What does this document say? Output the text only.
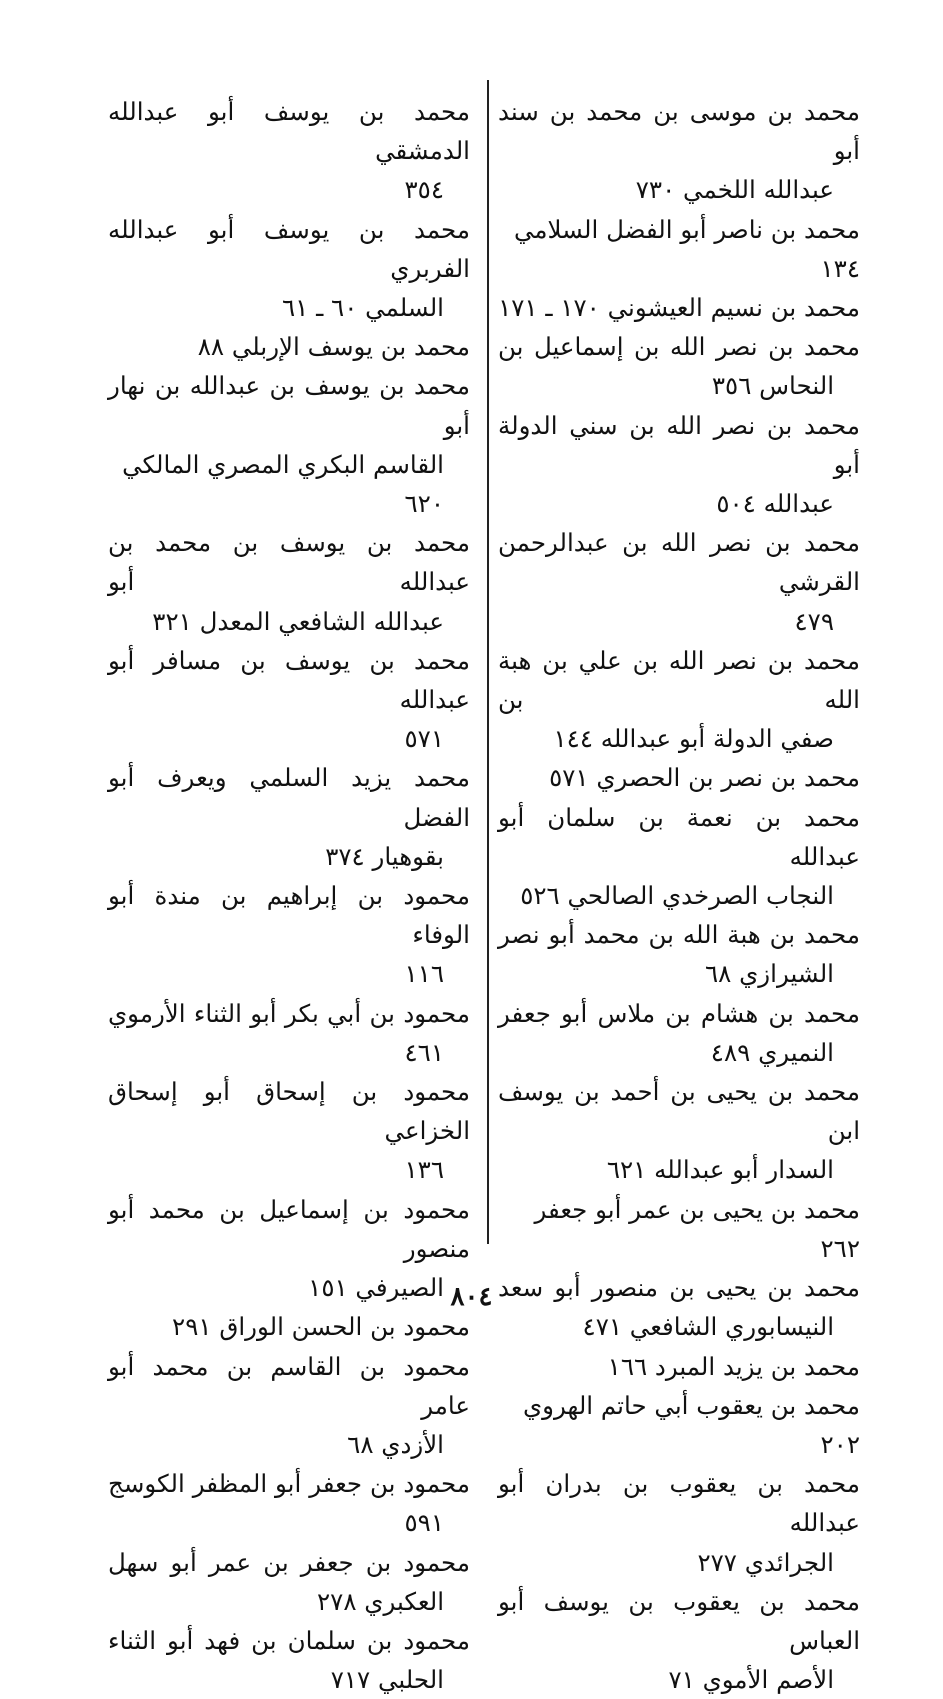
محمد بن موسى بن محمد بن سند أبو
عبدالله اللخمي ٧٣٠
محمد بن ناصر أبو الفضل السلامي ١٣٤
محمد بن نسيم العيشوني ١٧٠ ـ ١٧١
محمد بن نصر الله بن إسماعيل بن
النحاس ٣٥٦
محمد بن نصر الله بن سني الدولة أبو
عبدالله ٥٠٤
محمد بن نصر الله بن عبدالرحمن القرشي
٤٧٩
محمد بن نصر الله بن علي بن هبة الله بن
صفي الدولة أبو عبدالله ١٤٤
محمد بن نصر بن الحصري ٥٧١
محمد بن نعمة بن سلمان أبو عبدالله
النجاب الصرخدي الصالحي ٥٢٦
محمد بن هبة الله بن محمد أبو نصر
الشيرازي ٦٨
محمد بن هشام بن ملاس أبو جعفر
النميري ٤٨٩
محمد بن يحيى بن أحمد بن يوسف ابن
السدار أبو عبدالله ٦٢١
محمد بن يحيى بن عمر أبو جعفر ٢٦٢
محمد بن يحيى بن منصور أبو سعد
النيسابوري الشافعي ٤٧١
محمد بن يزيد المبرد ١٦٦
محمد بن يعقوب أبي حاتم الهروي ٢٠٢
محمد بن يعقوب بن بدران أبو عبدالله
الجرائدي ٢٧٧
محمد بن يعقوب بن يوسف أبو العباس
الأصم الأموي ٧١
محمد بن يوسف أبو عبدالله الدمشقي
٣٥٤
محمد بن يوسف أبو عبدالله الفربري
السلمي ٦٠ ـ ٦١
محمد بن يوسف الإربلي ٨٨
محمد بن يوسف بن عبدالله بن نهار أبو
القاسم البكري المصري المالكي ٦٢٠
محمد بن يوسف بن محمد بن عبدالله أبو
عبدالله الشافعي المعدل ٣٢١
محمد بن يوسف بن مسافر أبو عبدالله
٥٧١
محمد يزيد السلمي ويعرف أبو الفضل
بقوهيار ٣٧٤
محمود بن إبراهيم بن مندة أبو الوفاء
١١٦
محمود بن أبي بكر أبو الثناء الأرموي
٤٦١
محمود بن إسحاق أبو إسحاق الخزاعي
١٣٦
محمود بن إسماعيل بن محمد أبو منصور
الصيرفي ١٥١
محمود بن الحسن الوراق ٢٩١
محمود بن القاسم بن محمد أبو عامر
الأزدي ٦٨
محمود بن جعفر أبو المظفر الكوسج
٥٩١
محمود بن جعفر بن عمر أبو سهل
العكبري ٢٧٨
محمود بن سلمان بن فهد أبو الثناء
الحلبي ٧١٧
٨٠٤
